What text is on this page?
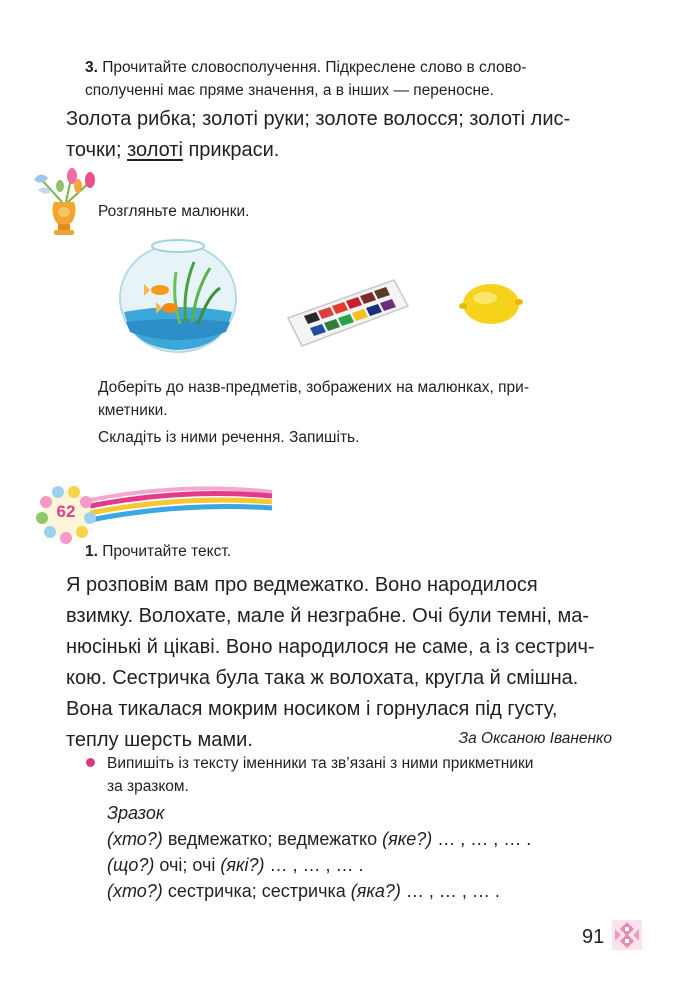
3. Прочитайте словосполучення. Підкреслене слово в слово-
сполученні має пряме значення, а в інших — переносне.
Золота рибка; золоті руки; золоте волосся; золоті лис-
точки; золоті прикраси.
Розгляньте малюнки.
Доберіть до назв-предметів, зображених на малюнках, при-
кметники.
Складіть із ними речення. Запишіть.
62
1. Прочитайте текст.
Я розповім вам про ведмежатко. Воно народилося
взимку. Волохате, мале й незграбне. Очі були темні, ма-
нюсінькі й цікаві. Воно народилося не саме, а із сестрич-
кою. Сестричка була така ж волохата, кругла й смішна.
Вона тикалася мокрим носиком і горнулася під густу,
теплу шерсть мами.	За Оксаною Іваненко
Випишіть із тексту іменники та зв’язані з ними прикметники
за зразком.
Зразок
(хто?) ведмежатко; ведмежатко (яке?) … , … , … .
(що?) очі; очі (які?) … , … , … .
(хто?) сестричка; сестричка (яка?) … , … , … .
91
